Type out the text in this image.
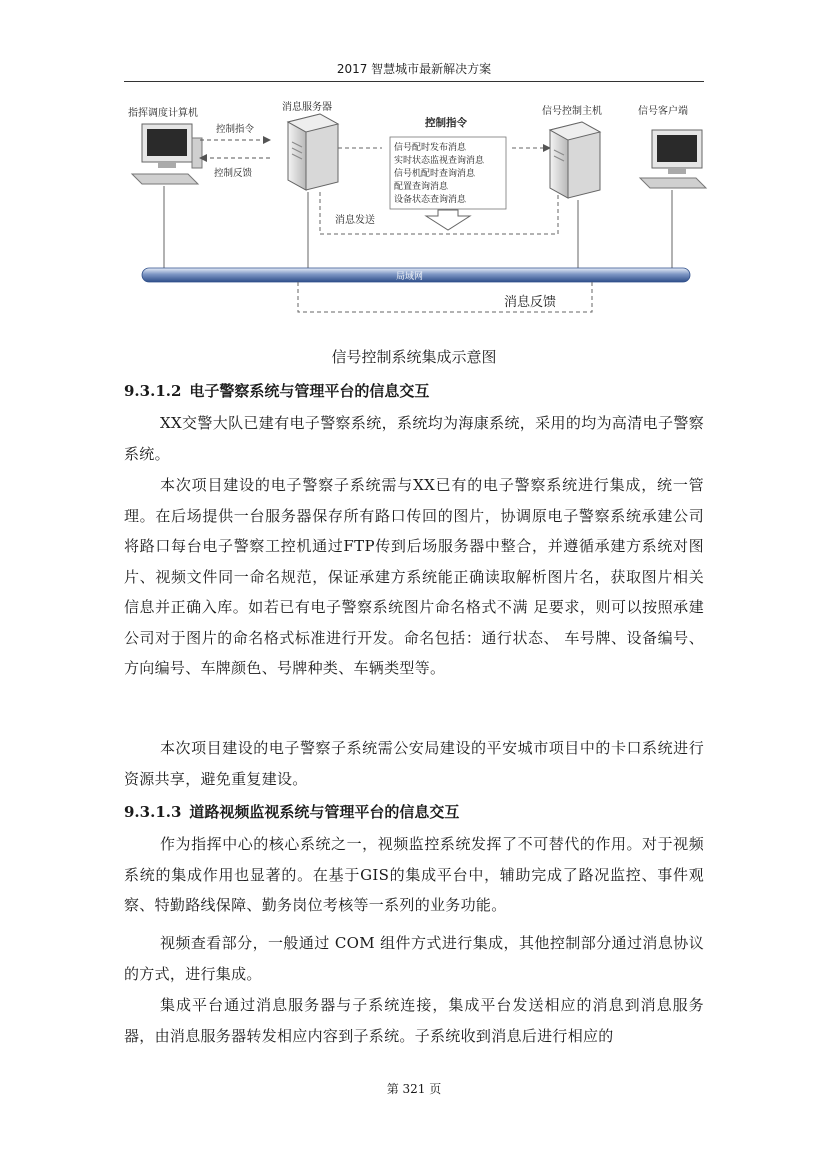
2017 智慧城市最新解决方案
指挥调度计算机
消息服务器
控制指令
控制反馈
控制指令
信号配时发布消息
实时状态监视查询消息
信号机配时查询消息
配置查询消息
设备状态查询消息
消息发送
信号控制主机	信号客户端
局域网
消息反馈
信号控制系统集成示意图
9.3.1.2 电子警察系统与管理平台的信息交互

XX交警大队已建有电子警察系统，系统均为海康系统，采用的均为高清电子警察系统。

本次项目建设的电子警察子系统需与XX已有的电子警察系统进行集成，统一管理。在后场提供一台服务器保存所有路口传回的图片，协调原电子警察系统承建公司将路口每台电子警察工控机通过FTP传到后场服务器中整合，并遵循承建方系统对图片、视频文件同一命名规范，保证承建方系统能正确读取解析图片名，获取图片相关信息并正确入库。如若已有电子警察系统图片命名格式不满 足要求，则可以按照承建公司对于图片的命名格式标准进行开发。命名包括：通行状态、 车号牌、设备编号、方向编号、车牌颜色、号牌种类、车辆类型等。

本次项目建设的电子警察子系统需公安局建设的平安城市项目中的卡口系统进行资源共享，避免重复建设。

9.3.1.3 道路视频监视系统与管理平台的信息交互

作为指挥中心的核心系统之一，视频监控系统发挥了不可替代的作用。对于视频系统的集成作用也显著的。在基于GIS的集成平台中，辅助完成了路况监控、事件观察、特勤路线保障、勤务岗位考核等一系列的业务功能。

视频查看部分，一般通过 COM 组件方式进行集成，其他控制部分通过消息协议的方式，进行集成。

集成平台通过消息服务器与子系统连接，集成平台发送相应的消息到消息服务器，由消息服务器转发相应内容到子系统。子系统收到消息后进行相应的

第 321 页
